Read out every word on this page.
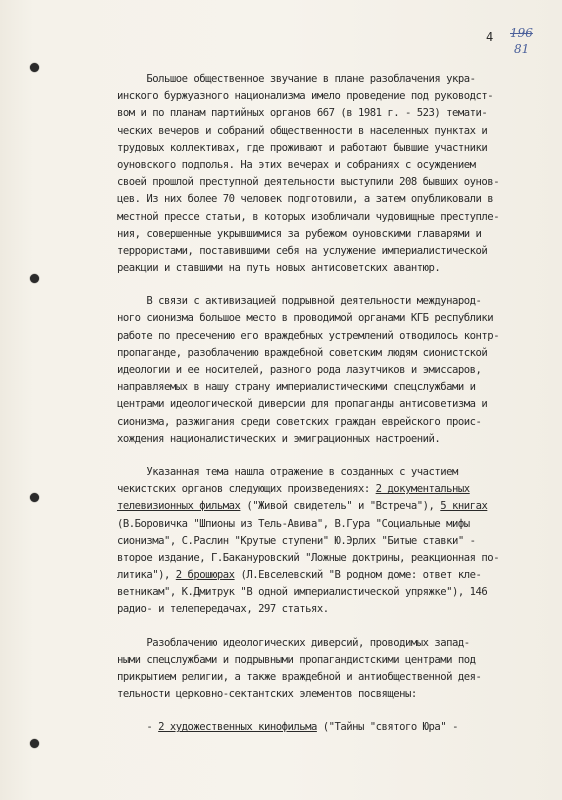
4 196
81
Большое общественное звучание в плане разоблачения укра-
инского буржуазного национализма имело проведение под руководст-
вом и по планам партийных органов 667 (в 1981 г. - 523) темати-
ческих вечеров и собраний общественности в населенных пунктах и
трудовых коллективах, где проживают и работают бывшие участники
оуновского подполья. На этих вечерах и собраниях с осуждением
своей прошлой преступной деятельности выступили 208 бывших оунов-
цев. Из них более 70 человек подготовили, а затем опубликовали в
местной прессе статьи, в которых изобличали чудовищные преступле-
ния, совершенные укрывшимися за рубежом оуновскими главарями и
террористами, поставившими себя на услужение империалистической
реакции и ставшими на путь новых антисоветских авантюр.
В связи с активизацией подрывной деятельности международ-
ного сионизма большое место в проводимой органами КГБ республики
работе по пресечению его враждебных устремлений отводилось контр-
пропаганде, разоблачению враждебной советским людям сионистской
идеологии и ее носителей, разного рода лазутчиков и эмиссаров,
направляемых в нашу страну империалистическими спецслужбами и
центрами идеологической диверсии для пропаганды антисоветизма и
сионизма, разжигания среди советских граждан еврейского проис-
хождения националистических и эмиграционных настроений.
Указанная тема нашла отражение в созданных с участием
чекистских органов следующих произведениях: 2 документальных
телевизионных фильмах ("Живой свидетель" и "Встреча"), 5 книгах
(В.Боровичка "Шпионы из Тель-Авива", В.Гура "Социальные мифы
сионизма", С.Раслин "Крутые ступени" Ю.Эрлих "Битые ставки" -
второе издание, Г.Бакануровский "Ложные доктрины, реакционная по-
литика"), 2 брошюрах (Л.Евселевский "В родном доме: ответ кле-
ветникам", К.Дмитрук "В одной империалистической упряжке"), 146
радио- и телепередачах, 297 статьях.
Разоблачению идеологических диверсий, проводимых запад-
ными спецслужбами и подрывными пропагандистскими центрами под
прикрытием религии, а также враждебной и антиобщественной дея-
тельности церковно-сектантских элементов посвящены:
- 2 художественных кинофильма ("Тайны "святого Юра" -
